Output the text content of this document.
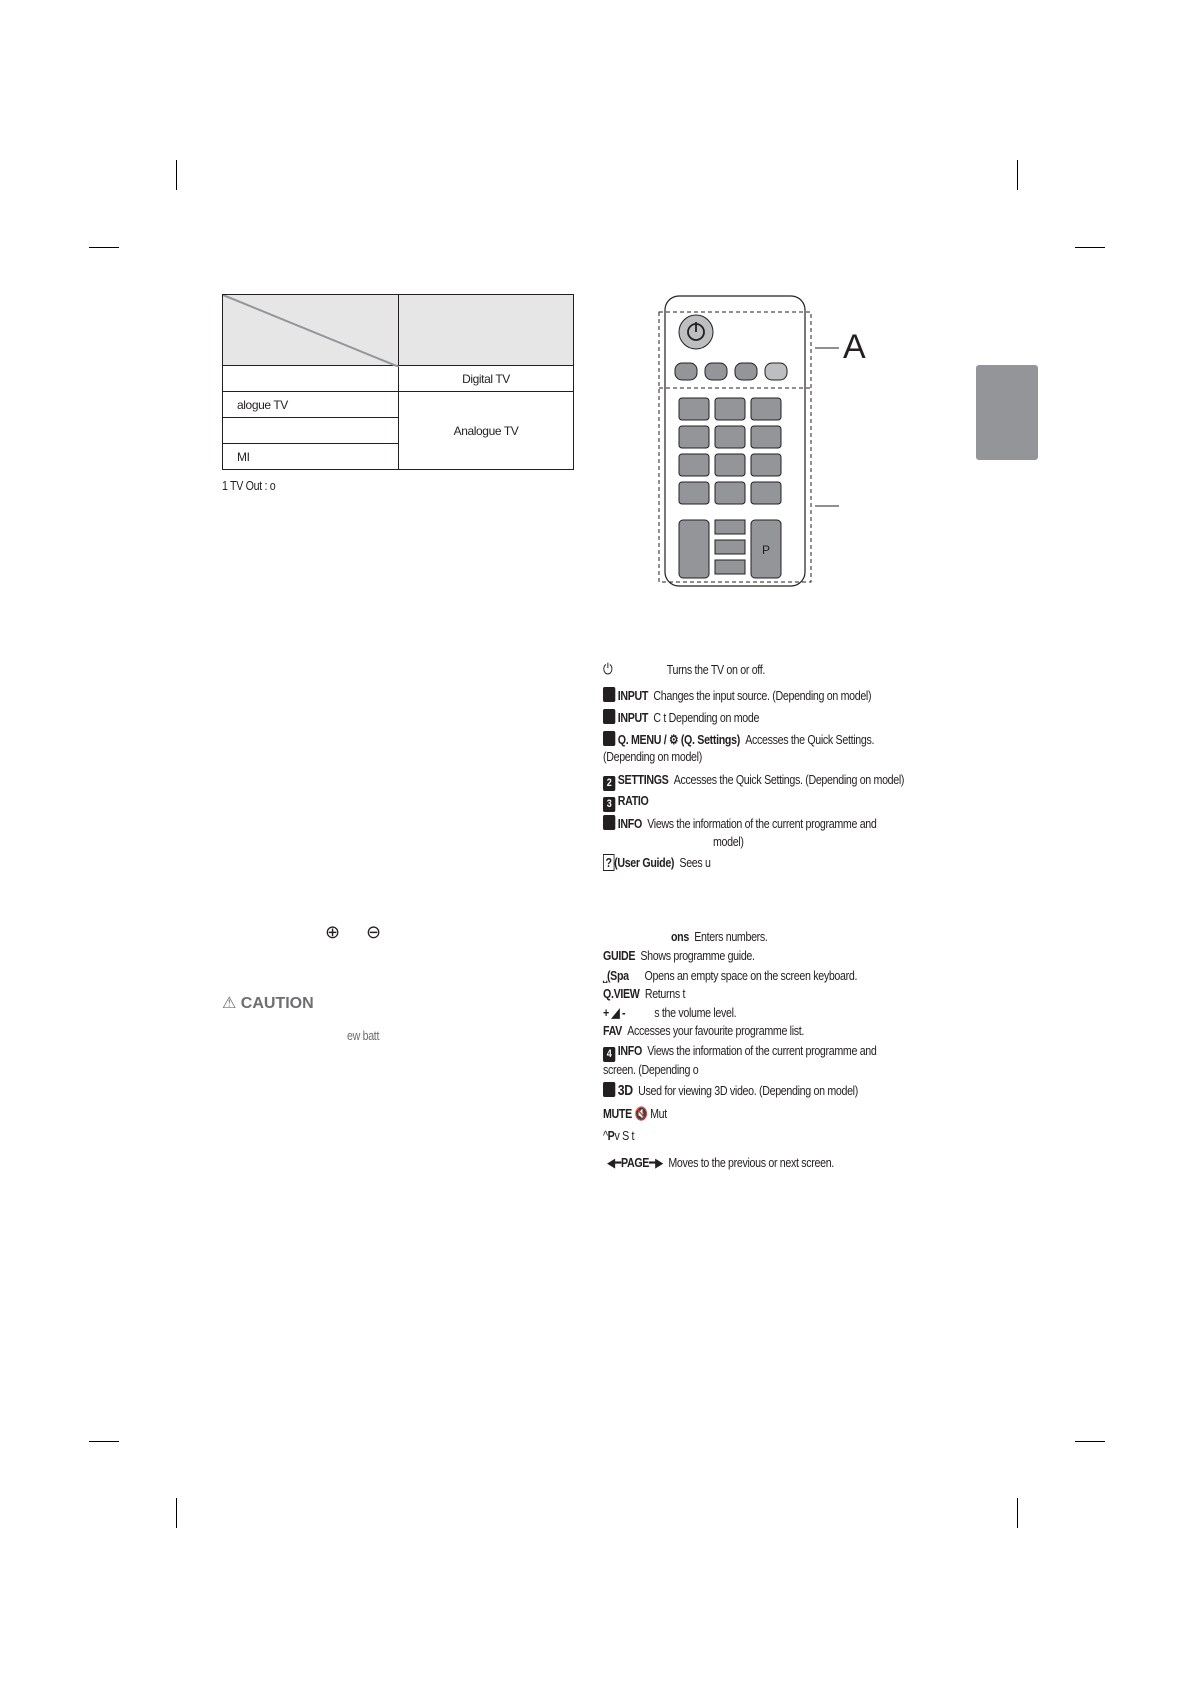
	Digital TV
alogue TV	Analogue TV

MI	
1 TV Out : o
P
A
⏻	Turns the TV on or off.
INPUT Changes the input source. (Depending on model)
INPUT C t Depending on mode
Q. MENU / ⚙ (Q. Settings) Accesses the Quick Settings.
(Depending on model)
2 SETTINGS Accesses the Quick Settings. (Depending on model)
3 RATIO
INFO Views the information of the current programme and
model)
? (User Guide) Sees u
ons Enters numbers.
GUIDE Shows programme guide.
⎵(Spa Opens an empty space on the screen keyboard.
Q.VIEW Returns t
+ ◢ - s the volume level.
FAV Accesses your favourite programme list.
4 INFO Views the information of the current programme and
screen. (Depending o
3D Used for viewing 3D video. (Depending on model)
MUTE 🔇 Mut
^Pv S t
◀━PAGE━▶ Moves to the previous or next screen.
⊕ ⊖
⚠ CAUTION
ew batt
